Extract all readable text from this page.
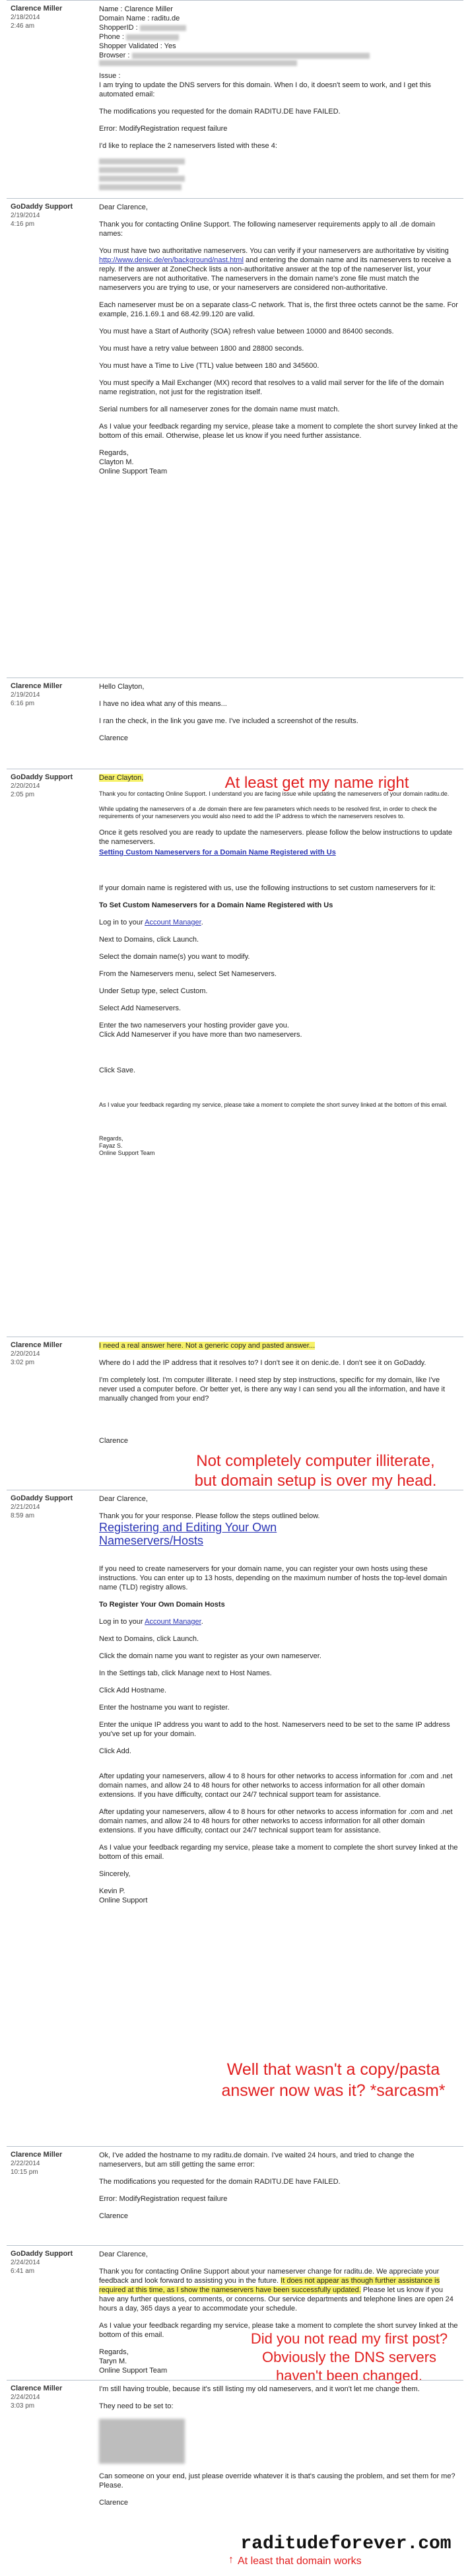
Clarence Miller
2/18/2014
2:46 am
Name : Clarence Miller
Domain Name : raditu.de
ShopperID :
Phone :
Shopper Validated : Yes
Browser :
Issue :

I am trying to update the DNS servers for this domain. When I do, it doesn't seem to work, and I get this automated email:

The modifications you requested for the domain RADITU.DE have FAILED.

Error: ModifyRegistration request failure

I'd like to replace the 2 nameservers listed with these 4:

GoDaddy Support
2/19/2014
4:16 pm

Dear Clarence,

Thank you for contacting Online Support. The following nameserver requirements apply to all .de domain names:

You must have two authoritative nameservers. You can verify if your nameservers are authoritative by visiting http://www.denic.de/en/background/nast.html and entering the domain name and its nameservers to receive a reply. If the answer at ZoneCheck lists a non-authoritative answer at the top of the nameserver list, your nameservers are not authoritative. The nameservers in the domain name's zone file must match the nameservers you are trying to use, or your nameservers are considered non-authoritative.

Each nameserver must be on a separate class-C network. That is, the first three octets cannot be the same. For example, 216.1.69.1 and 68.42.99.120 are valid.

You must have a Start of Authority (SOA) refresh value between 10000 and 86400 seconds.

You must have a retry value between 1800 and 28800 seconds.

You must have a Time to Live (TTL) value between 180 and 345600.

You must specify a Mail Exchanger (MX) record that resolves to a valid mail server for the life of the domain name registration, not just for the registration itself.

Serial numbers for all nameserver zones for the domain name must match.

As I value your feedback regarding my service, please take a moment to complete the short survey linked at the bottom of this email. Otherwise, please let us know if you need further assistance.

Regards,
Clayton M.
Online Support Team
Clarence Miller
2/19/2014
6:16 pm

Hello Clayton,

I have no idea what any of this means...

I ran the check, in the link you gave me. I've included a screenshot of the results.

Clarence

GoDaddy Support
2/20/2014
2:05 pm

Dear Clayton,

Thank you for contacting Online Support. I understand you are facing issue while updating the nameservers of your domain raditu.de.

While updating the nameservers of a .de domain there are few parameters which needs to be resolved first, in order to check the requirements of your nameservers you would also need to add the IP address to which the nameservers resolves to.

Once it gets resolved you are ready to update the nameservers. please follow the below instructions to update the nameservers.

Setting Custom Nameservers for a Domain Name Registered with Us

If your domain name is registered with us, use the following instructions to set custom nameservers for it:

To Set Custom Nameservers for a Domain Name Registered with Us

Log in to your Account Manager.

Next to Domains, click Launch.

Select the domain name(s) you want to modify.

From the Nameservers menu, select Set Nameservers.

Under Setup type, select Custom.

Select Add Nameservers.

Enter the two nameservers your hosting provider gave you.

Click Add Nameserver if you have more than two nameservers.

Click Save.

As I value your feedback regarding my service, please take a moment to complete the short survey linked at the bottom of this email.

Regards,
Fayaz S.
Online Support Team
At least get my name right
Clarence Miller
2/20/2014
3:02 pm

I need a real answer here. Not a generic copy and pasted answer...

Where do I add the IP address that it resolves to? I don't see it on denic.de. I don't see it on GoDaddy.

I'm completely lost. I'm computer illiterate. I need step by step instructions, specific for my domain, like I've never used a computer before. Or better yet, is there any way I can send you all the information, and have it manually changed from your end?

Clarence

Not completely computer illiterate,
but domain setup is over my head.
GoDaddy Support
2/21/2014
8:59 am

Dear Clarence,

Thank you for your response. Please follow the steps outlined below.
Registering and Editing Your Own
Nameservers/Hosts

If you need to create nameservers for your domain name, you can register your own hosts using these instructions. You can enter up to 13 hosts, depending on the maximum number of hosts the top-level domain name (TLD) registry allows.

To Register Your Own Domain Hosts

Log in to your Account Manager.

Next to Domains, click Launch.

Click the domain name you want to register as your own nameserver.

In the Settings tab, click Manage next to Host Names.

Click Add Hostname.

Enter the hostname you want to register.

Enter the unique IP address you want to add to the host. Nameservers need to be set to the same IP address you've set up for your domain.

Click Add.

After updating your nameservers, allow 4 to 8 hours for other networks to access information for .com and .net domain names, and allow 24 to 48 hours for other networks to access information for all other domain extensions. If you have difficulty, contact our 24/7 technical support team for assistance.

After updating your nameservers, allow 4 to 8 hours for other networks to access information for .com and .net domain names, and allow 24 to 48 hours for other networks to access information for all other domain extensions. If you have difficulty, contact our 24/7 technical support team for assistance.

As I value your feedback regarding my service, please take a moment to complete the short survey linked at the bottom of this email.

Sincerely,

Kevin P.
Online Support
Well that wasn't a copy/pasta
answer now was it? *sarcasm*
Clarence Miller
2/22/2014
10:15 pm

Ok, I've added the hostname to my raditu.de domain. I've waited 24 hours, and tried to change the nameservers, but am still getting the same error:

The modifications you requested for the domain RADITU.DE have FAILED.

Error: ModifyRegistration request failure

Clarence

GoDaddy Support
2/24/2014
6:41 am

Dear Clarence,

Thank you for contacting Online Support about your nameserver change for raditu.de. We appreciate your feedback and look forward to assisting you in the future. It does not appear as though further assistance is required at this time, as I show the nameservers have been successfully updated. Please let us know if you have any further questions, comments, or concerns. Our service departments and telephone lines are open 24 hours a day, 365 days a year to accommodate your schedule.

As I value your feedback regarding my service, please take a moment to complete the short survey linked at the bottom of this email.

Regards,
Taryn M.
Online Support Team
Did you not read my first post?
Obviously the DNS servers
haven't been changed.
Clarence Miller
2/24/2014
3:03 pm

I'm still having trouble, because it's still listing my old nameservers, and it won't let me change them.

They need to be set to:

Can someone on your end, just please override whatever it is that's causing the problem, and set them for me? Please.

Clarence

raditudeforever.com
↑ At least that domain works
